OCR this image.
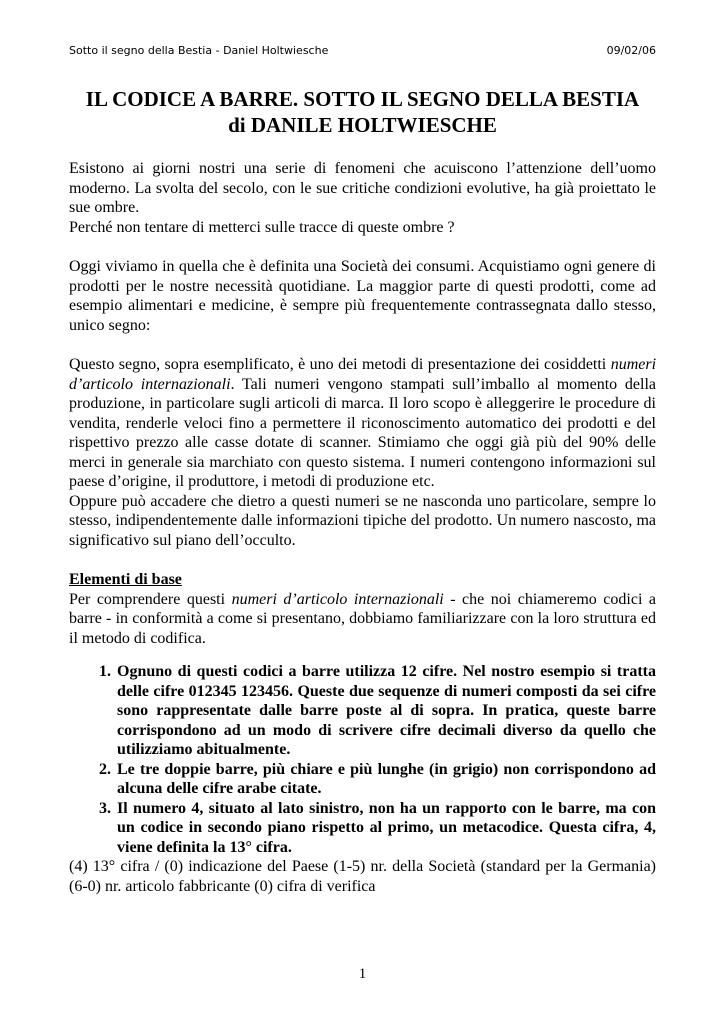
Sotto il segno della Bestia - Daniel Holtwiesche	09/02/06
IL CODICE A BARRE. SOTTO IL SEGNO DELLA BESTIA
di DANILE HOLTWIESCHE

Esistono ai giorni nostri una serie di fenomeni che acuiscono l’attenzione dell’uomo moderno. La svolta del secolo, con le sue critiche condizioni evolutive, ha già proiettato le sue ombre.

Perché non tentare di metterci sulle tracce di queste ombre ?

Oggi viviamo in quella che è definita una Società dei consumi. Acquistiamo ogni genere di prodotti per le nostre necessità quotidiane. La maggior parte di questi prodotti, come ad esempio alimentari e medicine, è sempre più frequentemente contrassegnata dallo stesso, unico segno:

Questo segno, sopra esemplificato, è uno dei metodi di presentazione dei cosiddetti numeri d’articolo internazionali. Tali numeri vengono stampati sull’imballo al momento della produzione, in particolare sugli articoli di marca. Il loro scopo è alleggerire le procedure di vendita, renderle veloci fino a permettere il riconoscimento automatico dei prodotti e del rispettivo prezzo alle casse dotate di scanner. Stimiamo che oggi già più del 90% delle merci in generale sia marchiato con questo sistema. I numeri contengono informazioni sul paese d’origine, il produttore, i metodi di produzione etc.

Oppure può accadere che dietro a questi numeri se ne nasconda uno particolare, sempre lo stesso, indipendentemente dalle informazioni tipiche del prodotto. Un numero nascosto, ma significativo sul piano dell’occulto.

Elementi di base

Per comprendere questi numeri d’articolo internazionali - che noi chiameremo codici a barre - in conformità a come si presentano, dobbiamo familiarizzare con la loro struttura ed il metodo di codifica.

1. Ognuno di questi codici a barre utilizza 12 cifre. Nel nostro esempio si tratta delle cifre 012345 123456. Queste due sequenze di numeri composti da sei cifre sono rappresentate dalle barre poste al di sopra. In pratica, queste barre corrispondono ad un modo di scrivere cifre decimali diverso da quello che utilizziamo abitualmente.
2. Le tre doppie barre, più chiare e più lunghe (in grigio) non corrispondono ad alcuna delle cifre arabe citate.
3. Il numero 4, situato al lato sinistro, non ha un rapporto con le barre, ma con un codice in secondo piano rispetto al primo, un metacodice. Questa cifra, 4, viene definita la 13° cifra.

(4) 13° cifra / (0) indicazione del Paese (1-5) nr. della Società (standard per la Germania) (6-0) nr. articolo fabbricante (0) cifra di verifica

1
